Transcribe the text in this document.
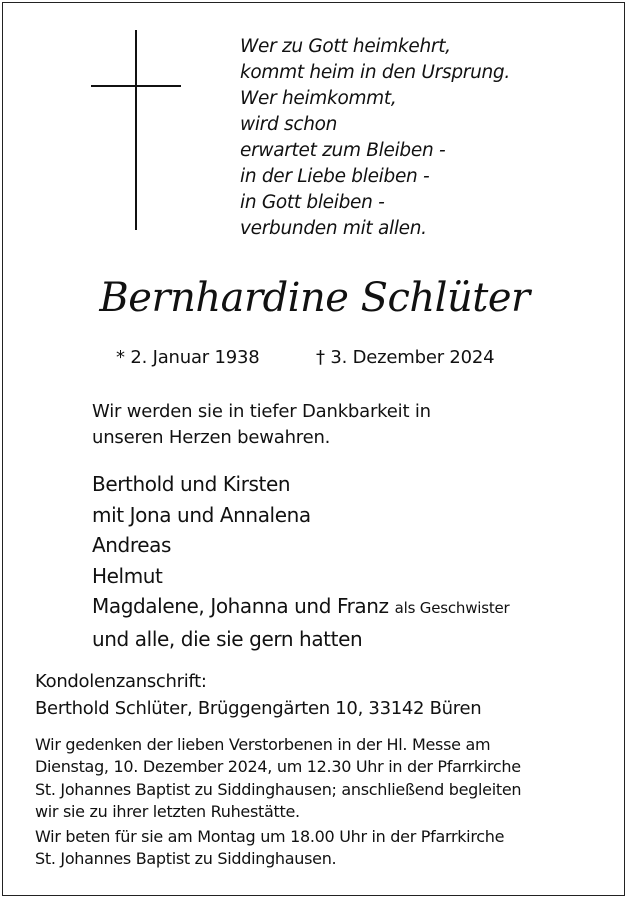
Wer zu Gott heimkehrt,
kommt heim in den Ursprung.
Wer heimkommt,
wird schon
erwartet zum Bleiben -
in der Liebe bleiben -
in Gott bleiben -
verbunden mit allen.
Bernhardine Schlüter
* 2. Januar 1938	† 3. Dezember 2024
Wir werden sie in tiefer Dankbarkeit in
unseren Herzen bewahren.
Berthold und Kirsten
mit Jona und Annalena
Andreas
Helmut
Magdalene, Johanna und Franz als Geschwister
und alle, die sie gern hatten
Kondolenzanschrift:
Berthold Schlüter, Brüggengärten 10, 33142 Büren
Wir gedenken der lieben Verstorbenen in der Hl. Messe am
Dienstag, 10. Dezember 2024, um 12.30 Uhr in der Pfarrkirche
St. Johannes Baptist zu Siddinghausen; anschließend begleiten
wir sie zu ihrer letzten Ruhestätte.
Wir beten für sie am Montag um 18.00 Uhr in der Pfarrkirche
St. Johannes Baptist zu Siddinghausen.
